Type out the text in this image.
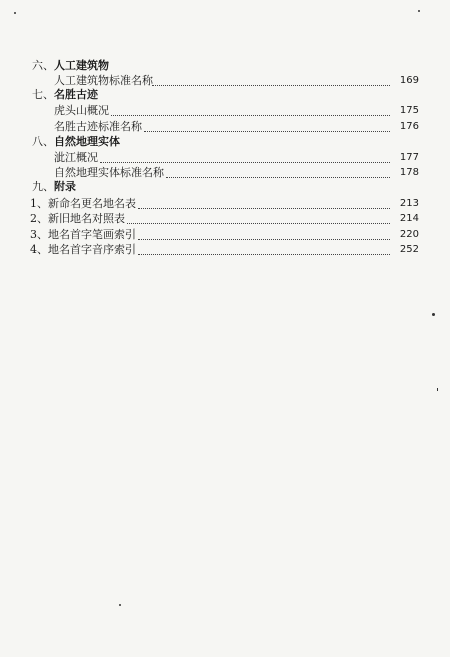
六、 人工建筑物
人工建筑物标准名称	169
七、 名胜古迹
虎头山概况	175
名胜古迹标准名称	176
八、 自然地理实体
泚江概况	177
自然地理实体标准名称	178
九、 附录
1、 新命名更名地名表	213
2、 新旧地名对照表	214
3、 地名首字笔画索引	220
4、 地名首字音序索引	252
